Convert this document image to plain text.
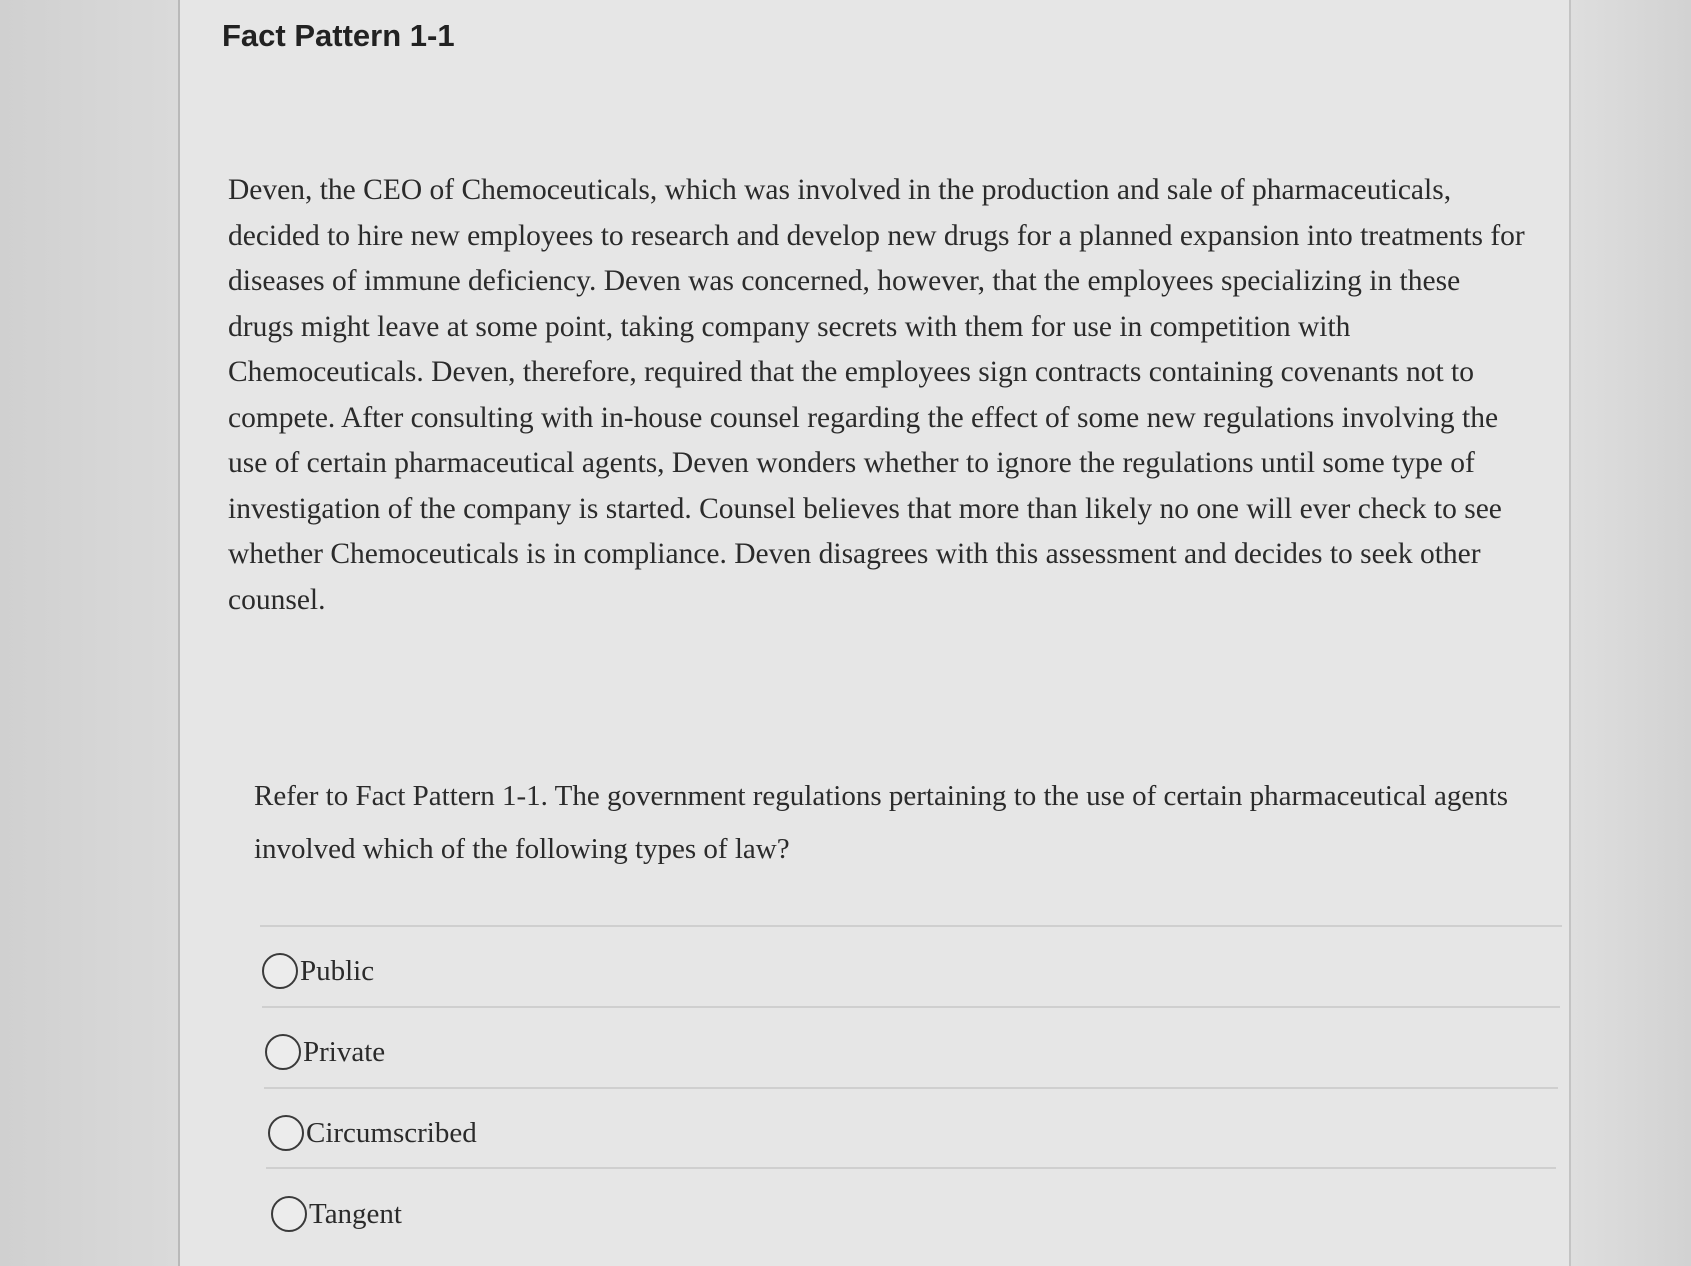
Fact Pattern 1-1

Deven, the CEO of Chemoceuticals, which was involved in the production and sale of pharmaceuticals, decided to hire new employees to research and develop new drugs for a planned expansion into treatments for diseases of immune deficiency. Deven was concerned, however, that the employees specializing in these drugs might leave at some point, taking company secrets with them for use in competition with Chemoceuticals. Deven, therefore, required that the employees sign contracts containing covenants not to compete. After consulting with in-house counsel regarding the effect of some new regulations involving the use of certain pharmaceutical agents, Deven wonders whether to ignore the regulations until some type of investigation of the company is started. Counsel believes that more than likely no one will ever check to see whether Chemoceuticals is in compliance. Deven disagrees with this assessment and decides to seek other counsel.

Refer to Fact Pattern 1-1. The government regulations pertaining to the use of certain pharmaceutical agents involved which of the following types of law?

Public
Private
Circumscribed
Tangent
